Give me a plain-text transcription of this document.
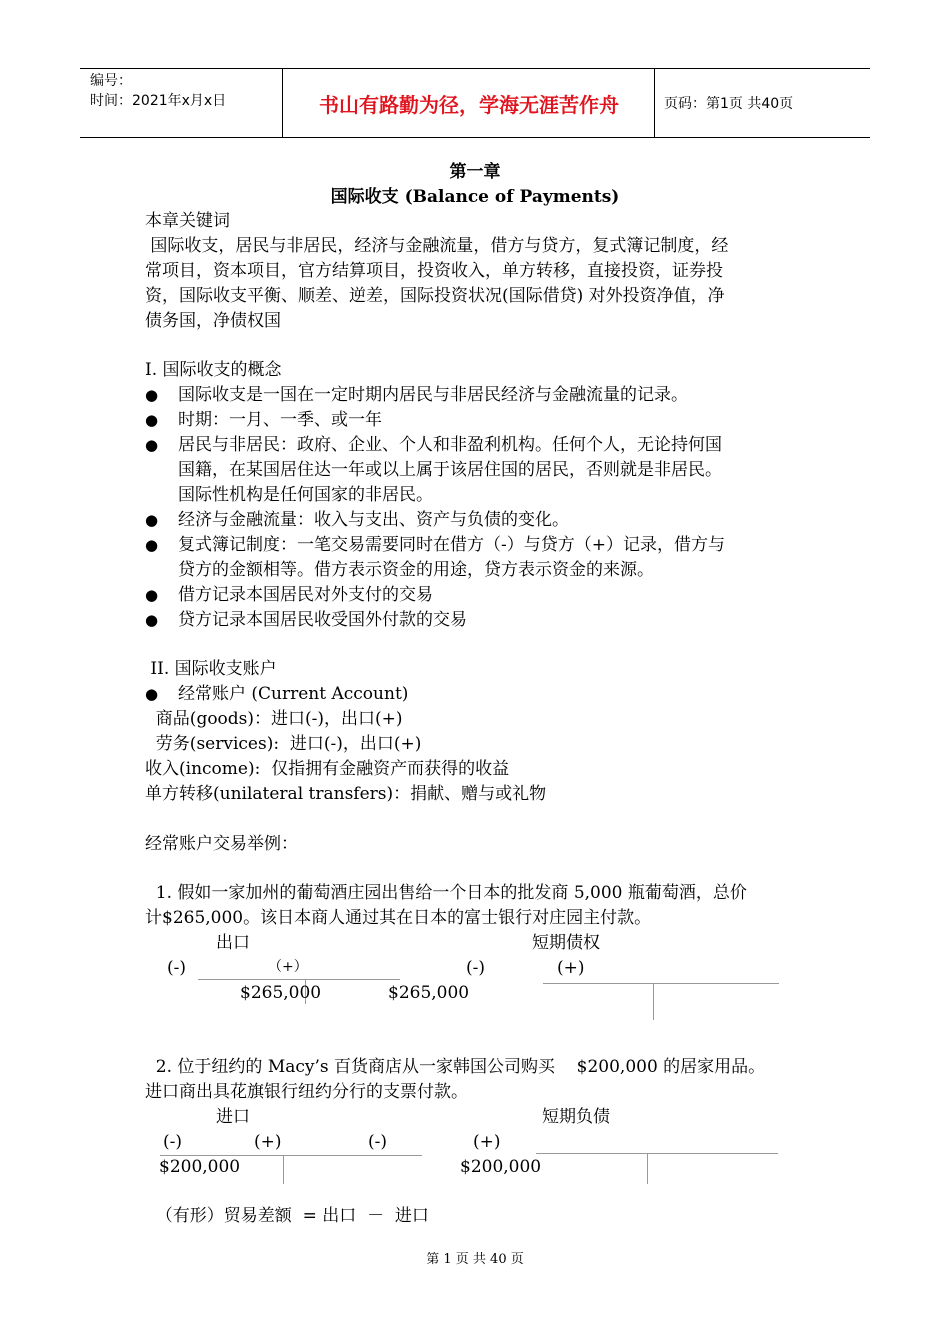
编号：
时间：2021年x月x日	书山有路勤为径，学海无涯苦作舟	页码：第1页 共40页
第一章
国际收支 (Balance of Payments)
本章关键词
国际收支，居民与非居民，经济与金融流量，借方与贷方，复式簿记制度，经
常项目，资本项目，官方结算项目，投资收入，单方转移，直接投资，证券投
资，国际收支平衡、顺差、逆差，国际投资状况(国际借贷) 对外投资净值，净
债务国，净债权国
I. 国际收支的概念
● 国际收支是一国在一定时期内居民与非居民经济与金融流量的记录。
● 时期：一月、一季、或一年
● 居民与非居民：政府、企业、个人和非盈利机构。任何个人，无论持何国
国籍，在某国居住达一年或以上属于该居住国的居民，否则就是非居民。
国际性机构是任何国家的非居民。
● 经济与金融流量：收入与支出、资产与负债的变化。
● 复式簿记制度：一笔交易需要同时在借方（-）与贷方（+）记录，借方与
贷方的金额相等。借方表示资金的用途，贷方表示资金的来源。
● 借方记录本国居民对外支付的交易
● 贷方记录本国居民收受国外付款的交易
II. 国际收支账户
● 经常账户 (Current Account)
商品(goods)：进口(-)，出口(+)
劳务(services):  进口(-)，出口(+)
收入(income):  仅指拥有金融资产而获得的收益
单方转移(unilateral transfers)：捐献、赠与或礼物
经常账户交易举例：
1. 假如一家加州的葡萄酒庄园出售给一个日本的批发商 5,000 瓶葡萄酒，总价
计$265,000。该日本商人通过其在日本的富士银行对庄园主付款。
出口
(-)	（+）
$265,000
短期债权
(-)	(+)
$265,000
2. 位于纽约的 Macy’s 百货商店从一家韩国公司购买    $200,000 的居家用品。
进口商出具花旗银行纽约分行的支票付款。
进口
(-)	(+)
$200,000
短期负债
(-)	(+)
$200,000
（有形）贸易差额  = 出口  －  进口
第 1 页 共 40 页
